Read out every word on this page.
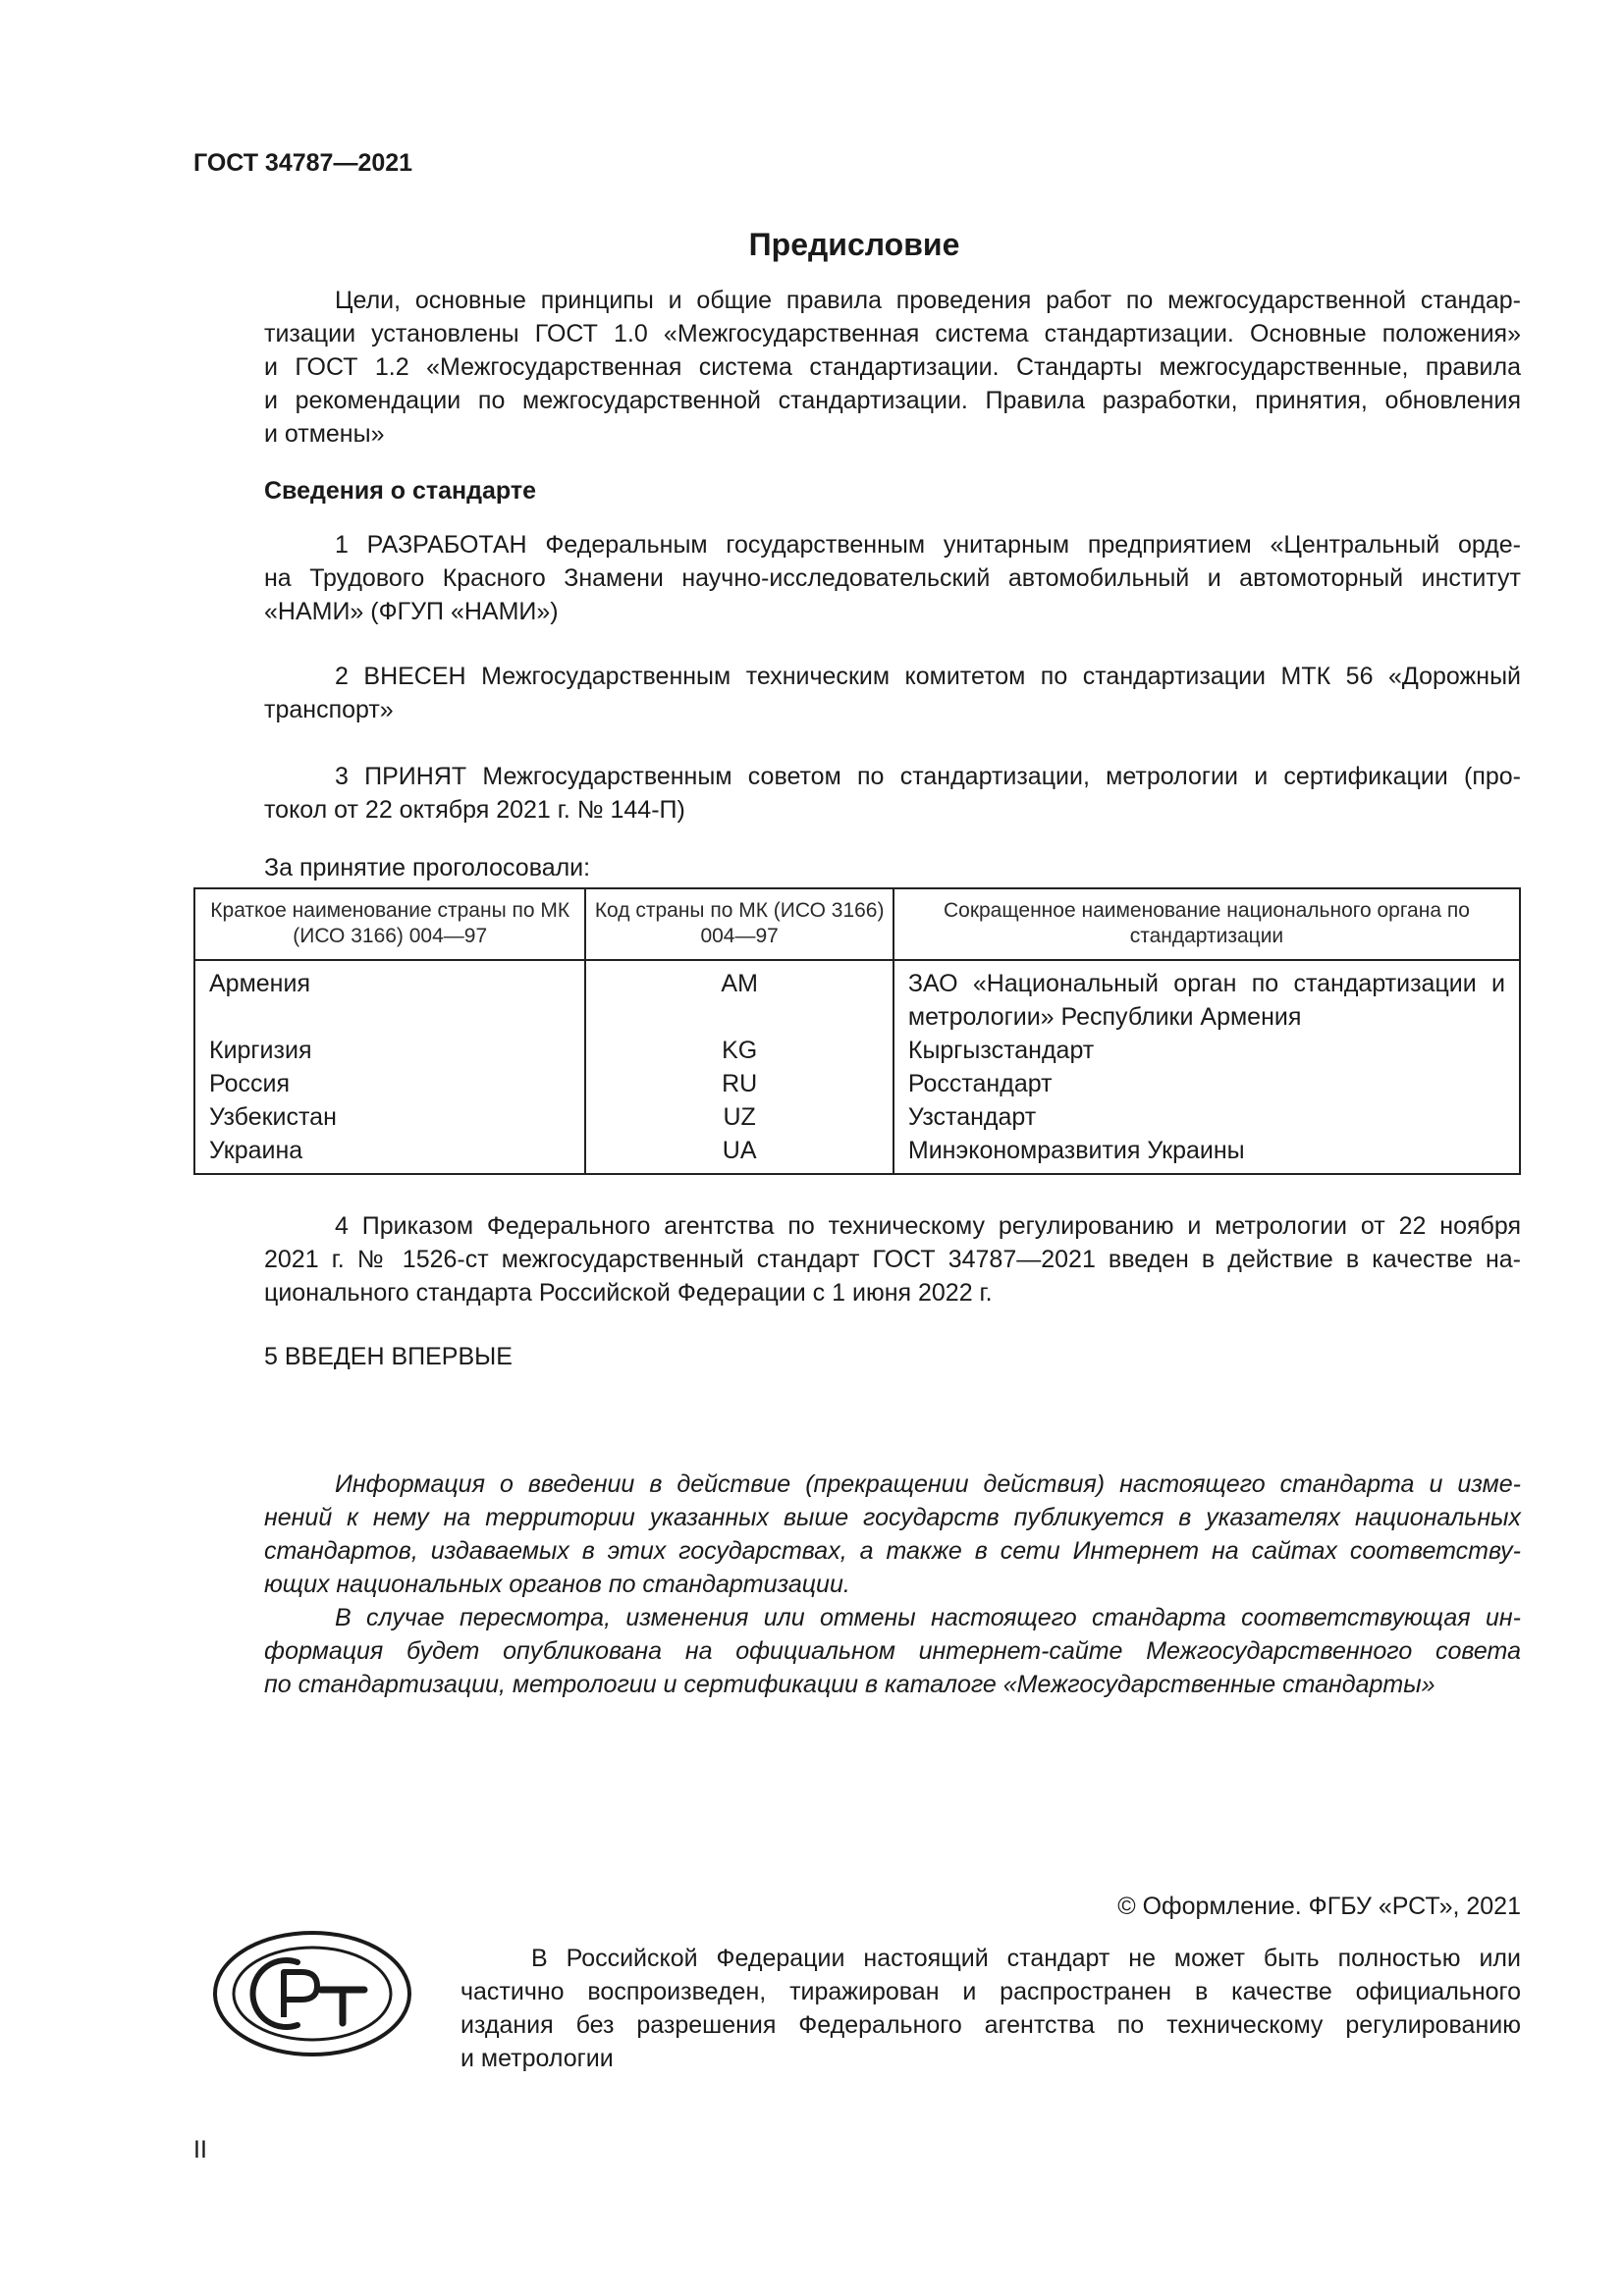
ГОСТ 34787—2021
Предисловие
Цели, основные принципы и общие правила проведения работ по межгосударственной стандар-
тизации установлены ГОСТ 1.0 «Межгосударственная система стандартизации. Основные положения»
и ГОСТ 1.2 «Межгосударственная система стандартизации. Стандарты межгосударственные, правила
и рекомендации по межгосударственной стандартизации. Правила разработки, принятия, обновления
и отмены»
Сведения о стандарте
1 РАЗРАБОТАН Федеральным государственным унитарным предприятием «Центральный орде-
на Трудового Красного Знамени научно-исследовательский автомобильный и автомоторный институт
«НАМИ» (ФГУП «НАМИ»)
2 ВНЕСЕН Межгосударственным техническим комитетом по стандартизации МТК 56 «Дорожный
транспорт»
3 ПРИНЯТ Межгосударственным советом по стандартизации, метрологии и сертификации (про-
токол от 22 октября 2021 г. № 144-П)
За принятие проголосовали:
Краткое наименование страны по МК (ИСО 3166) 004—97	Код страны по МК (ИСО 3166) 004—97	Сокращенное наименование национального органа по стандартизации
Армения	AM	ЗАО «Национальный орган по стандартизации и метрологии» Республики Армения
Киргизия	KG	Кыргызстандарт
Россия	RU	Росстандарт
Узбекистан	UZ	Узстандарт
Украина	UA	Минэкономразвития Украины
4 Приказом Федерального агентства по техническому регулированию и метрологии от 22 ноября
2021 г. № 1526-ст межгосударственный стандарт ГОСТ 34787—2021 введен в действие в качестве на-
ционального стандарта Российской Федерации с 1 июня 2022 г.
5 ВВЕДЕН ВПЕРВЫЕ
Информация о введении в действие (прекращении действия) настоящего стандарта и изме-
нений к нему на территории указанных выше государств публикуется в указателях национальных
стандартов, издаваемых в этих государствах, а также в сети Интернет на сайтах соответству-
ющих национальных органов по стандартизации.
В случае пересмотра, изменения или отмены настоящего стандарта соответствующая ин-
формация будет опубликована на официальном интернет-сайте Межгосударственного совета
по стандартизации, метрологии и сертификации в каталоге «Межгосударственные стандарты»
© Оформление. ФГБУ «РСТ», 2021
В Российской Федерации настоящий стандарт не может быть полностью или
частично воспроизведен, тиражирован и распространен в качестве официального
издания без разрешения Федерального агентства по техническому регулированию
и метрологии
II
